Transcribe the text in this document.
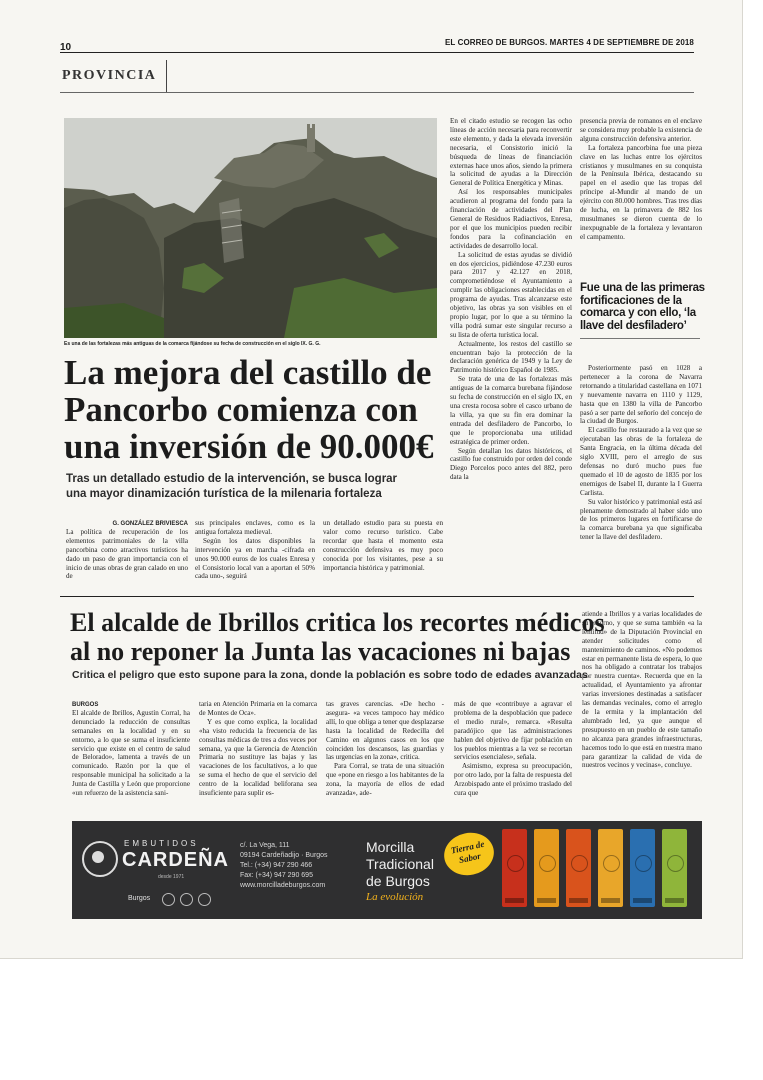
10	EL CORREO DE BURGOS. MARTES 4 DE SEPTIEMBRE DE 2018
PROVINCIA
Es una de las fortalezas más antiguas de la comarca fijándose su fecha de construcción en el siglo IX. G. G.
La mejora del castillo de
Pancorbo comienza con
una inversión de 90.000€
Tras un detallado estudio de la intervención, se busca lograr
una mayor dinamización turística de la milenaria fortaleza

G. GONZÁLEZ BRIVIESCA

La política de recuperación de los elementos patrimoniales de la villa pancorbina como atractivos turísticos ha dado un paso de gran importancia con el inicio de unas obras de gran calado en uno de

sus principales enclaves, como es la antigua fortaleza medieval.

Según los datos disponibles la intervención ya en marcha -cifrada en unos 90.000 euros de los cuales Enresa y el Consistorio local van a aportan el 50% cada uno-, seguirá

un detallado estudio para su puesta en valor como recurso turístico. Cabe recordar que hasta el momento esta construcción defensiva es muy poco conocida por los visitantes, pese a su importancia histórica y patrimonial.

En el citado estudio se recogen las ocho líneas de acción necesaria para reconvertir este elemento, y dada la elevada inversión necesaria, el Consistorio inició la búsqueda de líneas de financiación externas hace unos años, siendo la primera la solicitud de ayudas a la Dirección General de Política Energética y Minas.

Así los responsables municipales acudieron al programa del fondo para la financiación de actividades del Plan General de Residuos Radiactivos, Enresa, por el que los municipios pueden recibir fondos para la cofinanciación en actividades de desarrollo local.

La solicitud de estas ayudas se dividió en dos ejercicios, pidiéndose 47.230 euros para 2017 y 42.127 en 2018, comprometiéndose el Ayuntamiento a cumplir las obligaciones establecidas en el programa de ayudas. Tras alcanzarse este objetivo, las obras ya son visibles en el propio lugar, por lo que a su término la villa podrá sumar este singular recurso a su lista de oferta turística local.

Actualmente, los restos del castillo se encuentran bajo la protección de la declaración genérica de 1949 y la Ley de Patrimonio histórico Español de 1985.

Se trata de una de las fortalezas más antiguas de la comarca burebana fijándose su fecha de construcción en el siglo IX, en una cresta rocosa sobre el casco urbano de la villa, ya que su fin era dominar la entrada del desfiladero de Pancorbo, lo que le proporcionaba una utilidad estratégica de primer orden.

Según detallan los datos históricos, el castillo fue construido por orden del conde Diego Porcelos poco antes del 882, pero data la

presencia previa de romanos en el enclave se considera muy probable la existencia de alguna construcción defensiva anterior.

La fortaleza pancorbina fue una pieza clave en las luchas entre los ejércitos cristianos y musulmanes en su conquista de la Península Ibérica, destacando su papel en el asedio que las tropas del príncipe al-Mundir al mando de un ejército con 80.000 hombres. Tras tres días de lucha, en la primavera de 882 los musulmanes se dieron cuenta de lo inexpugnable de la fortaleza y levantaron el campamento.

Fue una de las primeras
fortificaciones de la
comarca y con ello, ‘la
llave del desfiladero’

Posteriormente pasó en 1028 a pertenecer a la corona de Navarra retornando a titularidad castellana en 1071 y nuevamente navarra en 1110 y 1129, hasta que en 1380 la villa de Pancorbo pasó a ser parte del señorío del concejo de la ciudad de Burgos.

El castillo fue restaurado a la vez que se ejecutaban las obras de la fortaleza de Santa Engracia, en la última década del siglo XVIII, pero el arreglo de sus defensas no duró mucho pues fue quemado el 10 de agosto de 1835 por los enemigos de Isabel II, durante la I Guerra Carlista.

Su valor histórico y patrimonial está así plenamente demostrado al haber sido uno de los primeros lugares en fortificarse de la comarca burebana ya que significaba tener la llave del desfiladero.

El alcalde de Ibrillos critica los recortes médicos
al no reponer la Junta las vacaciones ni bajas
Critica el peligro que esto supone para la zona, donde la población es sobre todo de edades avanzadas

BURGOS

El alcalde de Ibrillos, Agustín Corral, ha denunciado la reducción de consultas semanales en la localidad y en su entorno, a lo que se suma el insuficiente servicio que existe en el centro de salud de Belorado», lamenta a través de un comunicado. Razón por la que el responsable municipal ha solicitado a la Junta de Castilla y León que proporcione «un refuerzo de la asistencia sani-

taria en Atención Primaria en la comarca de Montes de Oca».

Y es que como explica, la localidad «ha visto reducida la frecuencia de las consultas médicas de tres a dos veces por semana, ya que la Gerencia de Atención Primaria no sustituye las bajas y las vacaciones de los facultativos, a lo que se suma el hecho de que el servicio del centro de la localidad beliforana sea insuficiente para suplir es-

tas graves carencias. «De hecho -asegura- «a veces tampoco hay médico allí, lo que obliga a tener que desplazarse hasta la localidad de Redecilla del Camino en algunos casos en los que coinciden los descansos, las guardias y las urgencias en la zona», critica.

Para Corral, se trata de una situación que «pone en riesgo a los habitantes de la zona, la mayoría de ellos de edad avanzada», ade-

más de que «contribuye a agravar el problema de la despoblación que padece el medio rural», remarca. «Resulta paradójico que las administraciones hablen del objetivo de fijar población en los pueblos mientras a la vez se recortan servicios esenciales», señala.

Asimismo, expresa su preocupación, por otro lado, por la falta de respuesta del Arzobispado ante el próximo traslado del cura que

atiende a Ibrillos y a varias localidades de su entorno, y que se suma también «a la lentitud» de la Diputación Provincial en atender solicitudes como el mantenimiento de caminos. «No podemos estar en permanente lista de espera, lo que nos ha obligado a contratar los trabajos por nuestra cuenta». Recuerda que en la actualidad, el Ayuntamiento ya afrontar varias inversiones destinadas a satisfacer las demandas vecinales, como el arreglo de la ermita y la implantación del alumbrado led, ya que aunque el presupuesto en un pueblo de este tamaño no alcanza para grandes infraestructuras, hacemos todo lo que está en nuestra mano para garantizar la calidad de vida de nuestros vecinos y vecinas», concluye.

EMBUTIDOS
CARDEÑA
desde 1971
Burgos
c/. La Vega, 111
09194 Cardeñadijo · Burgos
Tel.: (+34) 947 290 466
Fax: (+34) 947 290 695
www.morcilladeburgos.com
Morcilla
Tradicional
de Burgos
La evolución
Tierra de Sabor
